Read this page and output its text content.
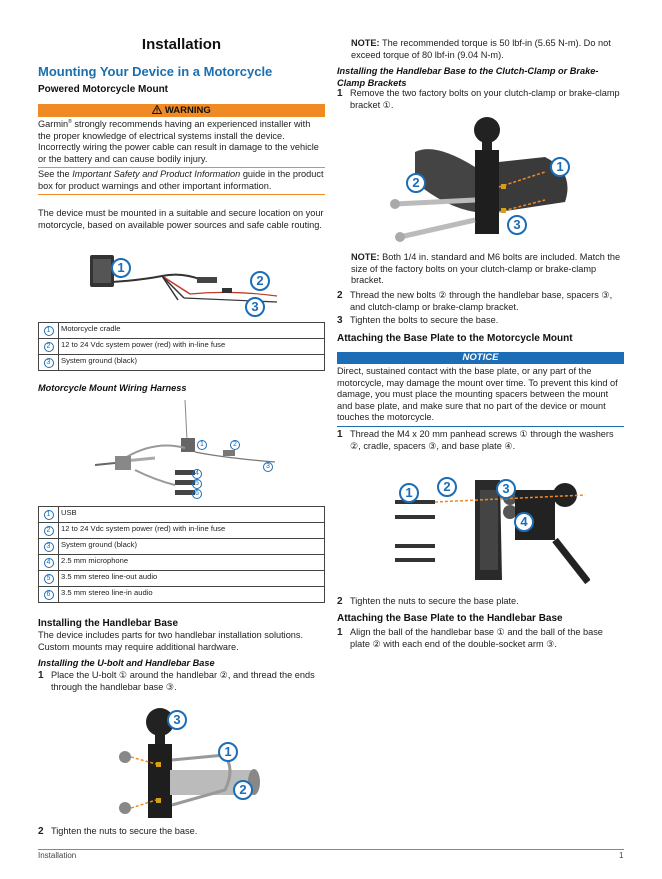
Installation
Mounting Your Device in a Motorcycle
Powered Motorcycle Mount
WARNING

Garmin® strongly recommends having an experienced installer with the proper knowledge of electrical systems install the device. Incorrectly wiring the power cable can result in damage to the vehicle or the battery and can cause bodily injury.

See the Important Safety and Product Information guide in the product box for product warnings and other important information.

The device must be mounted in a suitable and secure location on your motorcycle, based on available power sources and safe cable routing.

1
2
3
1	Motorcycle cradle
2	12 to 24 Vdc system power (red) with in-line fuse
3	System ground (black)
Motorcycle Mount Wiring Harness
1	2
3
4
5
6
1	USB
2	12 to 24 Vdc system power (red) with in-line fuse
3	System ground (black)
4	2.5 mm microphone
5	3.5 mm stereo line-out audio
6	3.5 mm stereo line-in audio
Installing the Handlebar Base

The device includes parts for two handlebar installation solutions. Custom mounts may require additional hardware.

Installing the U-bolt and Handlebar Base
1 Place the U-bolt ① around the handlebar ②, and thread the ends through the handlebar base ③.

3
1
2
2 Tighten the nuts to secure the base.

NOTE: The recommended torque is 50 lbf-in (5.65 N-m). Do not exceed torque of 80 lbf-in (9.04 N-m).

Installing the Handlebar Base to the Clutch-Clamp or Brake-Clamp Brackets
1 Remove the two factory bolts on your clutch-clamp or brake-clamp bracket ①.

1
2
3

NOTE: Both 1/4 in. standard and M6 bolts are included. Match the size of the factory bolts on your clutch-clamp or brake-clamp bracket.

2 Thread the new bolts ② through the handlebar base, spacers ③, and clutch-clamp or brake-clamp bracket.

3 Tighten the bolts to secure the base.

Attaching the Base Plate to the Motorcycle Mount
NOTICE

Direct, sustained contact with the base plate, or any part of the motorcycle, may damage the mount over time. To prevent this kind of damage, you must place the mounting spacers between the mount and base plate, and make sure that no part of the device or mount touches the motorcycle.

1 Thread the M4 x 20 mm panhead screws ① through the washers ②, cradle, spacers ③, and base plate ④.

1	2	3
4
2 Tighten the nuts to secure the base plate.

Attaching the Base Plate to the Handlebar Base
1 Align the ball of the handlebar base ① and the ball of the base plate ② with each end of the double-socket arm ③.

Installation	1
